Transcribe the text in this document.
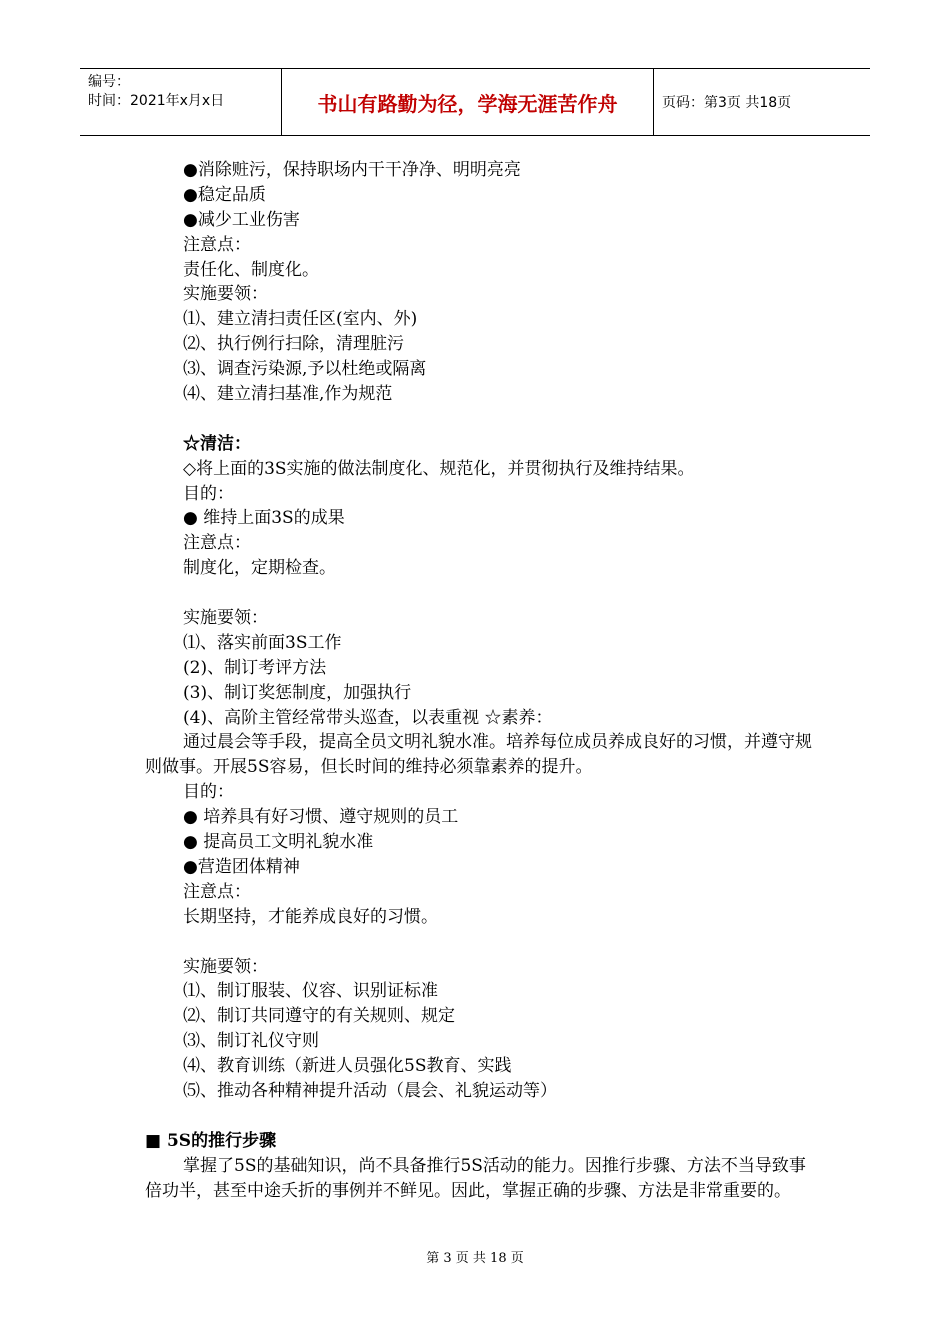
编号：
时间：2021年x月x日	书山有路勤为径，学海无涯苦作舟	页码：第3页 共18页
●消除赃污，保持职场内干干净净、明明亮亮
●稳定品质
●减少工业伤害
注意点：
责任化、制度化。
实施要领：
⑴、建立清扫责任区(室内、外)
⑵、执行例行扫除，清理脏污
⑶、调查污染源,予以杜绝或隔离
⑷、建立清扫基准,作为规范
☆清洁：
◇将上面的3S实施的做法制度化、规范化，并贯彻执行及维持结果。
目的：
● 维持上面3S的成果
注意点：
制度化，定期检查。
实施要领：
⑴、落实前面3S工作
(2)、制订考评方法
(3)、制订奖惩制度，加强执行
(4)、高阶主管经常带头巡查，以表重视 ☆素养：
通过晨会等手段，提高全员文明礼貌水准。培养每位成员养成良好的习惯，并遵守规则做事。开展5S容易，但长时间的维持必须靠素养的提升。
目的：
● 培养具有好习惯、遵守规则的员工
● 提高员工文明礼貌水准
●营造团体精神
注意点：
长期坚持，才能养成良好的习惯。
实施要领：
⑴、制订服装、仪容、识别证标准
⑵、制订共同遵守的有关规则、规定
⑶、制订礼仪守则
⑷、教育训练（新进人员强化5S教育、实践
⑸、推动各种精神提升活动（晨会、礼貌运动等）
■ 5S的推行步骤
掌握了5S的基础知识，尚不具备推行5S活动的能力。因推行步骤、方法不当导致事倍功半，甚至中途夭折的事例并不鲜见。因此，掌握正确的步骤、方法是非常重要的。
第 3 页 共 18 页
